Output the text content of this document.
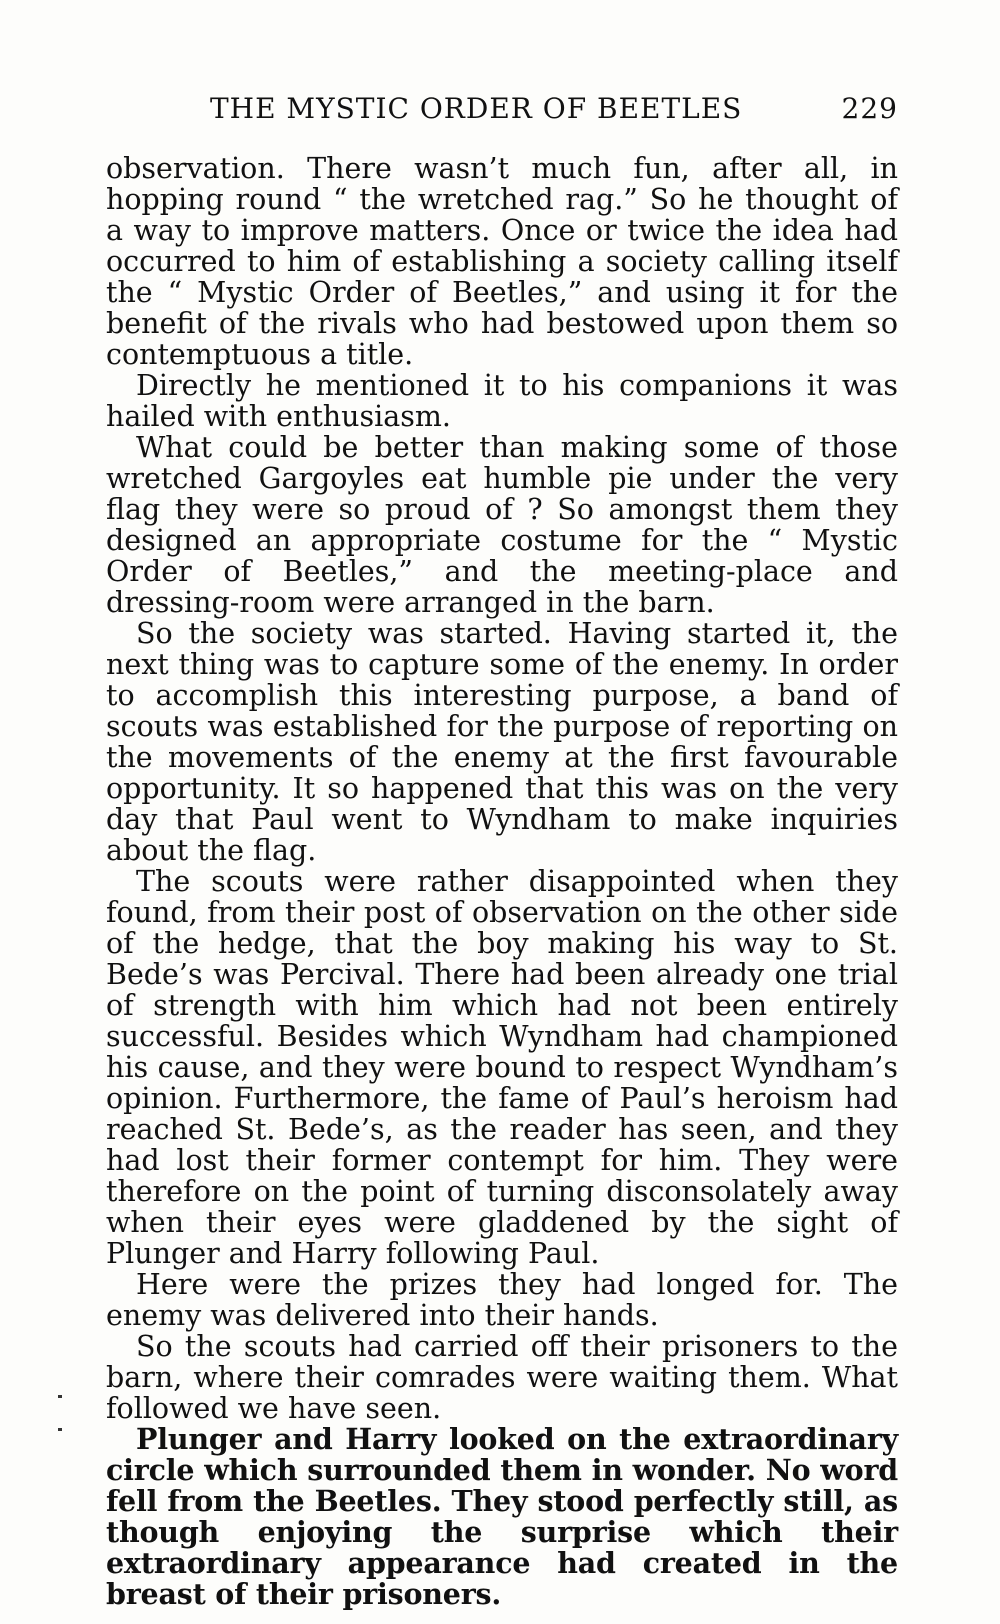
THE MYSTIC ORDER OF BEETLES	229

observation. There wasn’t much fun, after all, in hopping round “ the wretched rag.” So he thought of a way to improve matters. Once or twice the idea had occurred to him of establishing a society calling itself the “ Mystic Order of Beetles,” and using it for the benefit of the rivals who had bestowed upon them so contemptuous a title.

Directly he mentioned it to his companions it was hailed with enthusiasm.

What could be better than making some of those wretched Gargoyles eat humble pie under the very flag they were so proud of ? So amongst them they designed an appropriate costume for the “ Mystic Order of Beetles,” and the meeting-place and dressing-room were arranged in the barn.

So the society was started. Having started it, the next thing was to capture some of the enemy. In order to accomplish this interesting purpose, a band of scouts was established for the purpose of reporting on the movements of the enemy at the first favourable opportunity. It so happened that this was on the very day that Paul went to Wyndham to make inquiries about the flag.

The scouts were rather disappointed when they found, from their post of observation on the other side of the hedge, that the boy making his way to St. Bede’s was Percival. There had been already one trial of strength with him which had not been entirely successful. Besides which Wyndham had championed his cause, and they were bound to respect Wyndham’s opinion. Furthermore, the fame of Paul’s heroism had reached St. Bede’s, as the reader has seen, and they had lost their former contempt for him. They were therefore on the point of turning disconsolately away when their eyes were gladdened by the sight of Plunger and Harry following Paul.

Here were the prizes they had longed for. The enemy was delivered into their hands.

So the scouts had carried off their prisoners to the barn, where their comrades were waiting them. What followed we have seen.

Plunger and Harry looked on the extraordinary circle which surrounded them in wonder. No word fell from the Beetles. They stood perfectly still, as though enjoying the surprise which their extraordinary appearance had created in the breast of their prisoners.
